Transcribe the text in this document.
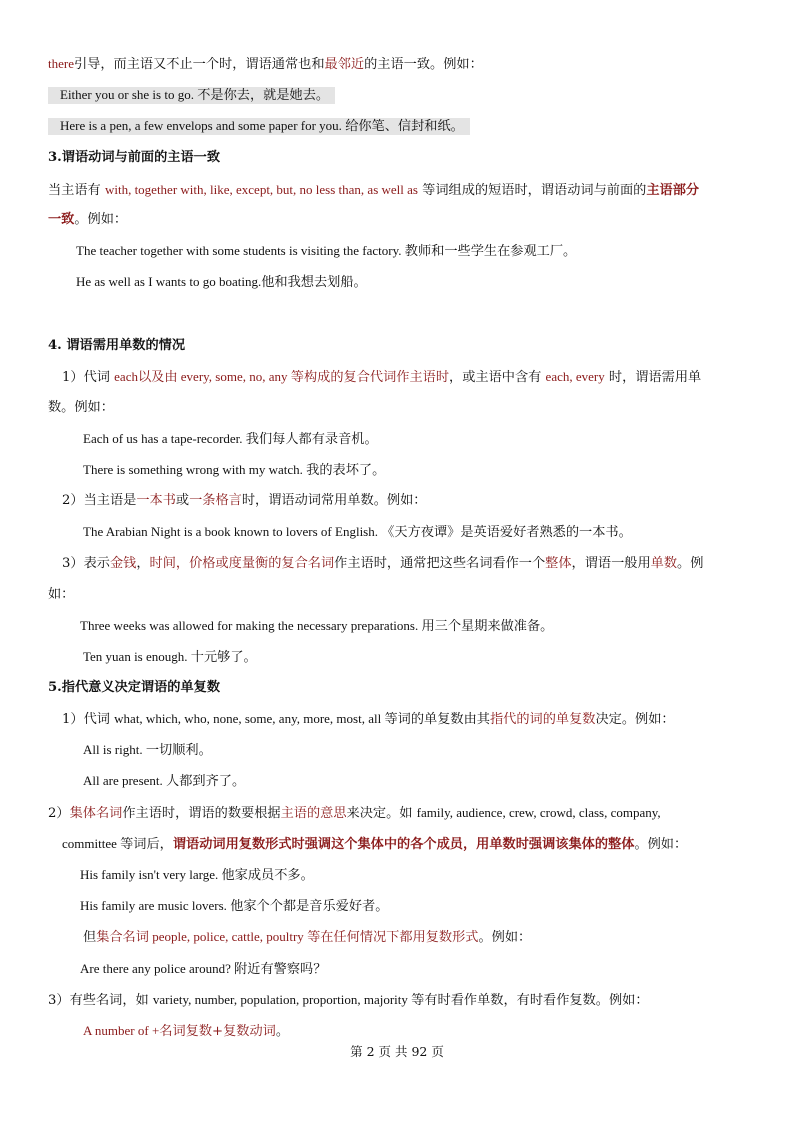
there引导，而主语又不止一个时，谓语通常也和最邻近的主语一致。例如：
Either you or she is to go. 不是你去，就是她去。
Here is a pen, a few envelops and some paper for you. 给你笔、信封和纸。
3.谓语动词与前面的主语一致
当主语有 with, together with, like, except, but, no less than, as well as 等词组成的短语时，谓语动词与前面的主语部分
一致。例如：
The teacher together with some students is visiting the factory. 教师和一些学生在参观工厂。
He as well as I wants to go boating.他和我想去划船。
4. 谓语需用单数的情况
1）代词 each以及由 every, some, no, any 等构成的复合代词作主语时，或主语中含有 each, every 时，谓语需用单
数。例如：
Each of us has a tape-recorder. 我们每人都有录音机。
There is something wrong with my watch. 我的表坏了。
2）当主语是一本书或一条格言时，谓语动词常用单数。例如：
The Arabian Night is a book known to lovers of English. 《天方夜谭》是英语爱好者熟悉的一本书。
3）表示金钱，时间，价格或度量衡的复合名词作主语时，通常把这些名词看作一个整体，谓语一般用单数。例
如：
Three weeks was allowed for making the necessary preparations. 用三个星期来做准备。
Ten yuan is enough. 十元够了。
5.指代意义决定谓语的单复数
1）代词 what, which, who, none, some, any, more, most, all 等词的单复数由其指代的词的单复数决定。例如：
All is right. 一切顺利。
All are present. 人都到齐了。
2）集体名词作主语时，谓语的数要根据主语的意思来决定。如 family, audience, crew, crowd, class, company,
committee 等词后，谓语动词用复数形式时强调这个集体中的各个成员，用单数时强调该集体的整体。例如：
His family isn't very large. 他家成员不多。
His family are music lovers. 他家个个都是音乐爱好者。
但集合名词 people, police, cattle, poultry 等在任何情况下都用复数形式。例如：
Are there any police around? 附近有警察吗？
3）有些名词，如 variety, number, population, proportion, majority 等有时看作单数，有时看作复数。例如：
A number of +名词复数+复数动词。
第 2 页 共 92 页
